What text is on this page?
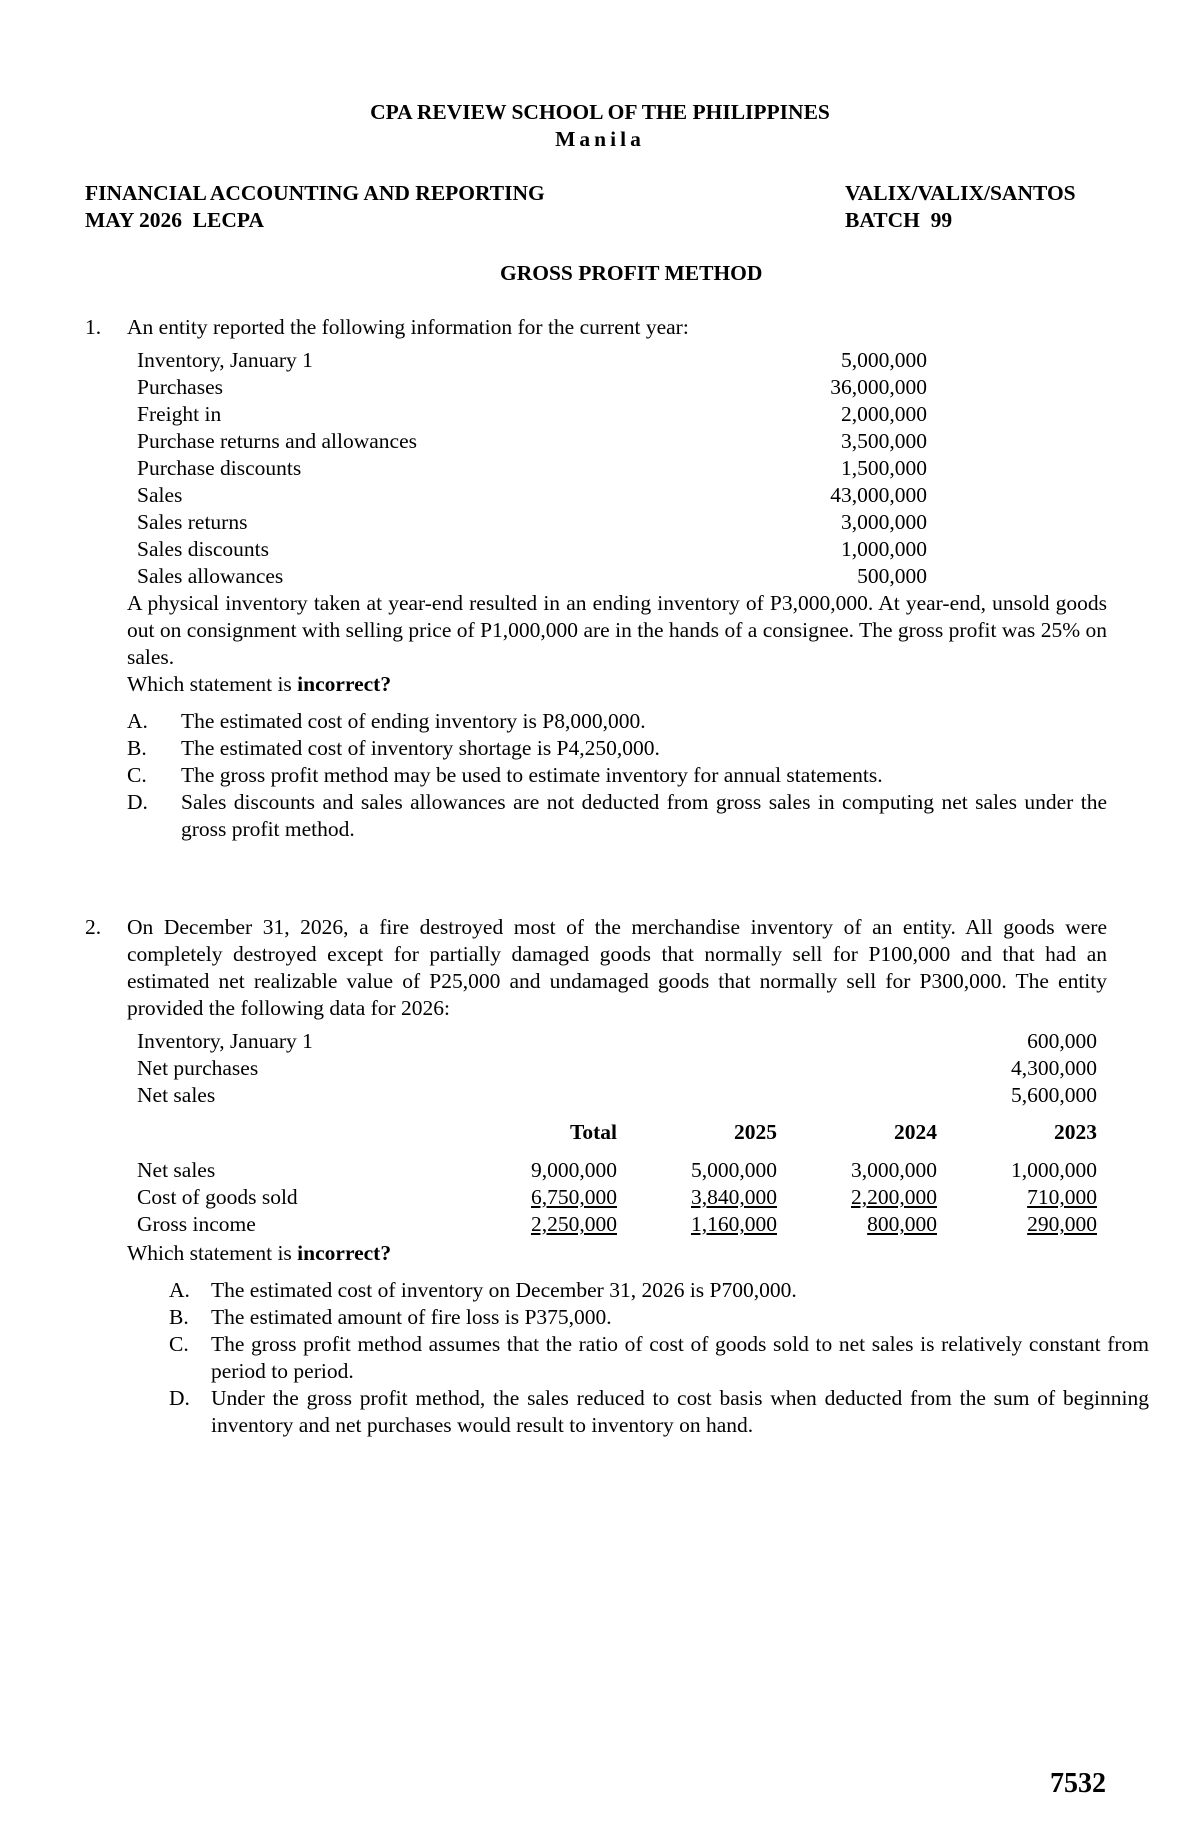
CPA REVIEW SCHOOL OF THE PHILIPPINES
Manila
FINANCIAL ACCOUNTING AND REPORTING
MAY 2026  LECPA
VALIX/VALIX/SANTOS
BATCH  99
GROSS PROFIT METHOD
1. An entity reported the following information for the current year:

Inventory, January 1	5,000,000
Purchases	36,000,000
Freight in	2,000,000
Purchase returns and allowances	3,500,000
Purchase discounts	1,500,000
Sales	43,000,000
Sales returns	3,000,000
Sales discounts	1,000,000
Sales allowances	500,000

A physical inventory taken at year-end resulted in an ending inventory of P3,000,000. At year-end, unsold goods out on consignment with selling price of P1,000,000 are in the hands of a consignee. The gross profit was 25% on sales.

Which statement is incorrect?

A. The estimated cost of ending inventory is P8,000,000.
B. The estimated cost of inventory shortage is P4,250,000.
C. The gross profit method may be used to estimate inventory for annual statements.
D. Sales discounts and sales allowances are not deducted from gross sales in computing net sales under the gross profit method.
2. On December 31, 2026, a fire destroyed most of the merchandise inventory of an entity. All goods were completely destroyed except for partially damaged goods that normally sell for P100,000 and that had an estimated net realizable value of P25,000 and undamaged goods that normally sell for P300,000. The entity provided the following data for 2026:

Inventory, January 1	600,000
Net purchases	4,300,000
Net sales	5,600,000
	Total	2025	2024	2023
Net sales	9,000,000	5,000,000	3,000,000	1,000,000
Cost of goods sold	6,750,000	3,840,000	2,200,000	710,000
Gross income	2,250,000	1,160,000	800,000	290,000

Which statement is incorrect?

A. The estimated cost of inventory on December 31, 2026 is P700,000.
B. The estimated amount of fire loss is P375,000.
C. The gross profit method assumes that the ratio of cost of goods sold to net sales is relatively constant from period to period.
D. Under the gross profit method, the sales reduced to cost basis when deducted from the sum of beginning inventory and net purchases would result to inventory on hand.
7532
